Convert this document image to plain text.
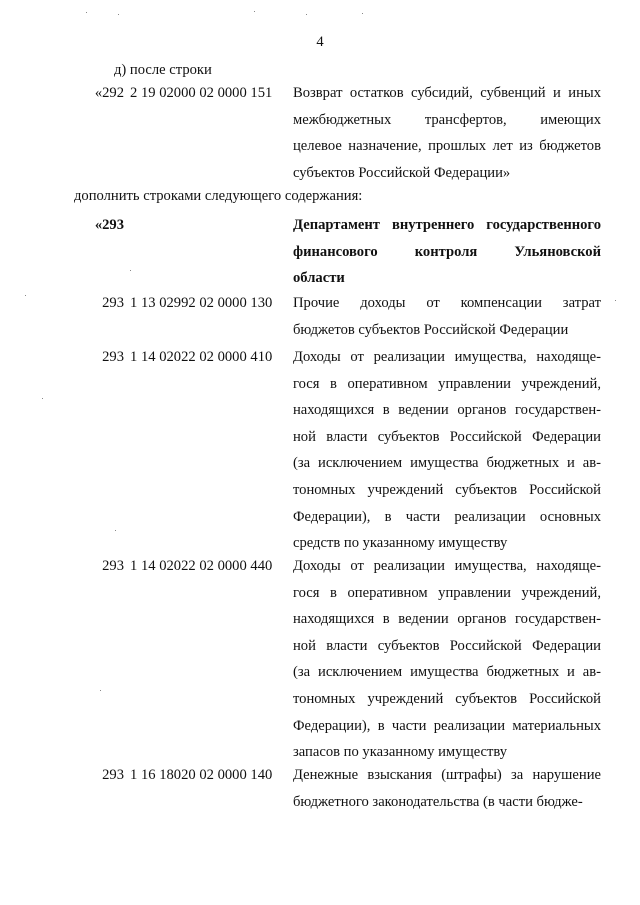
4
д) после строки
дополнить строками следующего содержания:
«292 2 19 02000 02 0000 151	Возврат остатков субсидий, субвенций и иных
межбюджетных трансфертов, имеющих
целевое назначение, прошлых лет из бюджетов
субъектов Российской Федерации»
«293	Департамент внутреннего государственного
финансового контроля Ульяновской
области
293 1 13 02992 02 0000 130	Прочие доходы от компенсации затрат
бюджетов субъектов Российской Федерации
293 1 14 02022 02 0000 410	Доходы от реализации имущества, находяще-
гося в оперативном управлении учреждений,
находящихся в ведении органов государствен-
ной власти субъектов Российской Федерации
(за исключением имущества бюджетных и ав-
тономных учреждений субъектов Российской
Федерации), в части реализации основных
средств по указанному имуществу
293 1 14 02022 02 0000 440	Доходы от реализации имущества, находяще-
гося в оперативном управлении учреждений,
находящихся в ведении органов государствен-
ной власти субъектов Российской Федерации
(за исключением имущества бюджетных и ав-
тономных учреждений субъектов Российской
Федерации), в части реализации материальных
запасов по указанному имуществу
293 1 16 18020 02 0000 140	Денежные взыскания (штрафы) за нарушение
бюджетного законодательства (в части бюдже-
